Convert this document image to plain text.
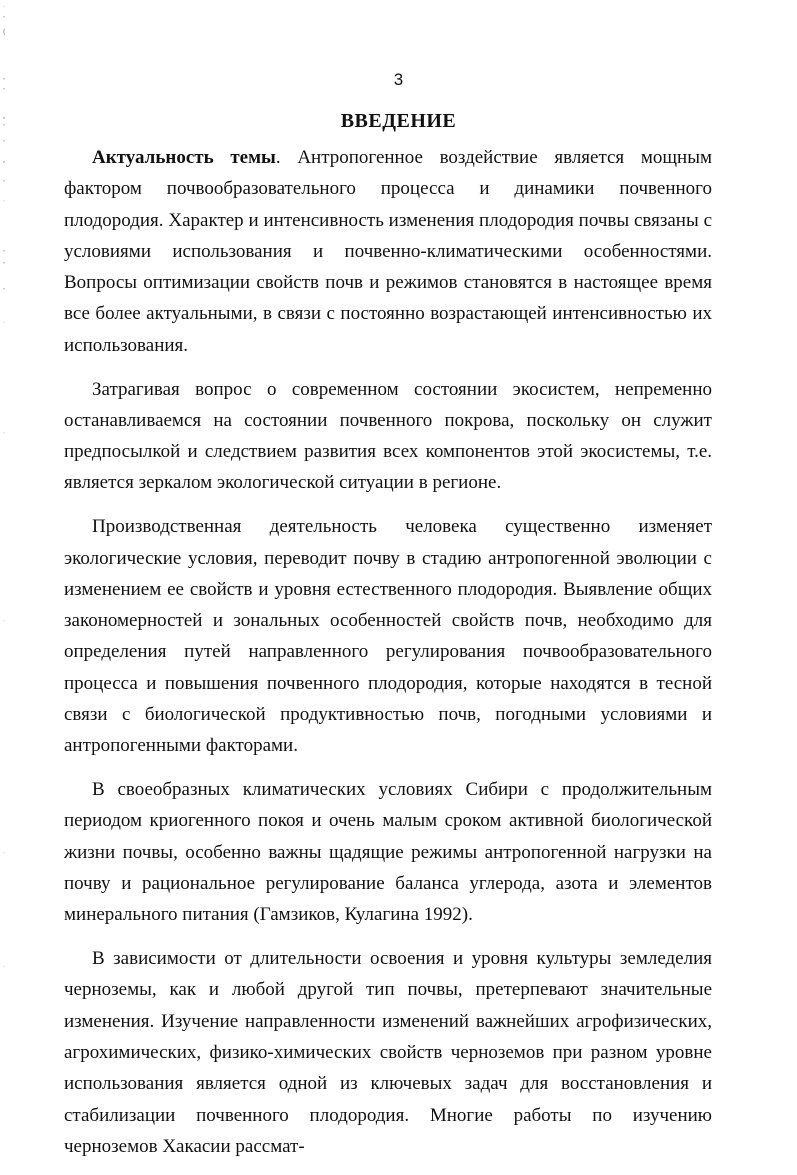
˙
ˇ
(
ˇ
ˇ
,
ˇ
ˇ
,
ˇ
˙
ˇ
ˇ
ˇ
˙
˙
˙
˙
˙
3
ВВЕДЕНИЕ

Актуальность темы. Антропогенное воздействие является мощным фактором почвообразовательного процесса и динамики почвенного плодородия. Характер и интенсивность изменения плодородия почвы связаны с условиями использования и почвенно-климатическими особенностями. Вопросы оптимизации свойств почв и режимов становятся в настоящее время все более актуальными, в связи с постоянно возрастающей интенсивностью их использования.

Затрагивая вопрос о современном состоянии экосистем, непременно останавливаемся на состоянии почвенного покрова, поскольку он служит предпосылкой и следствием развития всех компонентов этой экосистемы, т.е. является зеркалом экологической ситуации в регионе.

Производственная деятельность человека существенно изменяет экологические условия, переводит почву в стадию антропогенной эволюции с изменением ее свойств и уровня естественного плодородия. Выявление общих закономерностей и зональных особенностей свойств почв, необходимо для определения путей направленного регулирования почвообразовательного процесса и повышения почвенного плодородия, которые находятся в тесной связи с биологической продуктивностью почв, погодными условиями и антропогенными факторами.

В своеобразных климатических условиях Сибири с продолжительным периодом криогенного покоя и очень малым сроком активной биологической жизни почвы, особенно важны щадящие режимы антропогенной нагрузки на почву и рациональное регулирование баланса углерода, азота и элементов минерального питания (Гамзиков, Кулагина 1992).

В зависимости от длительности освоения и уровня культуры земледелия черноземы, как и любой другой тип почвы, претерпевают значительные изменения. Изучение направленности изменений важнейших агрофизических, агрохимических, физико-химических свойств черноземов при разном уровне использования является одной из ключевых задач для восстановления и стабилизации почвенного плодородия. Многие работы по изучению черноземов Хакасии рассмат-
